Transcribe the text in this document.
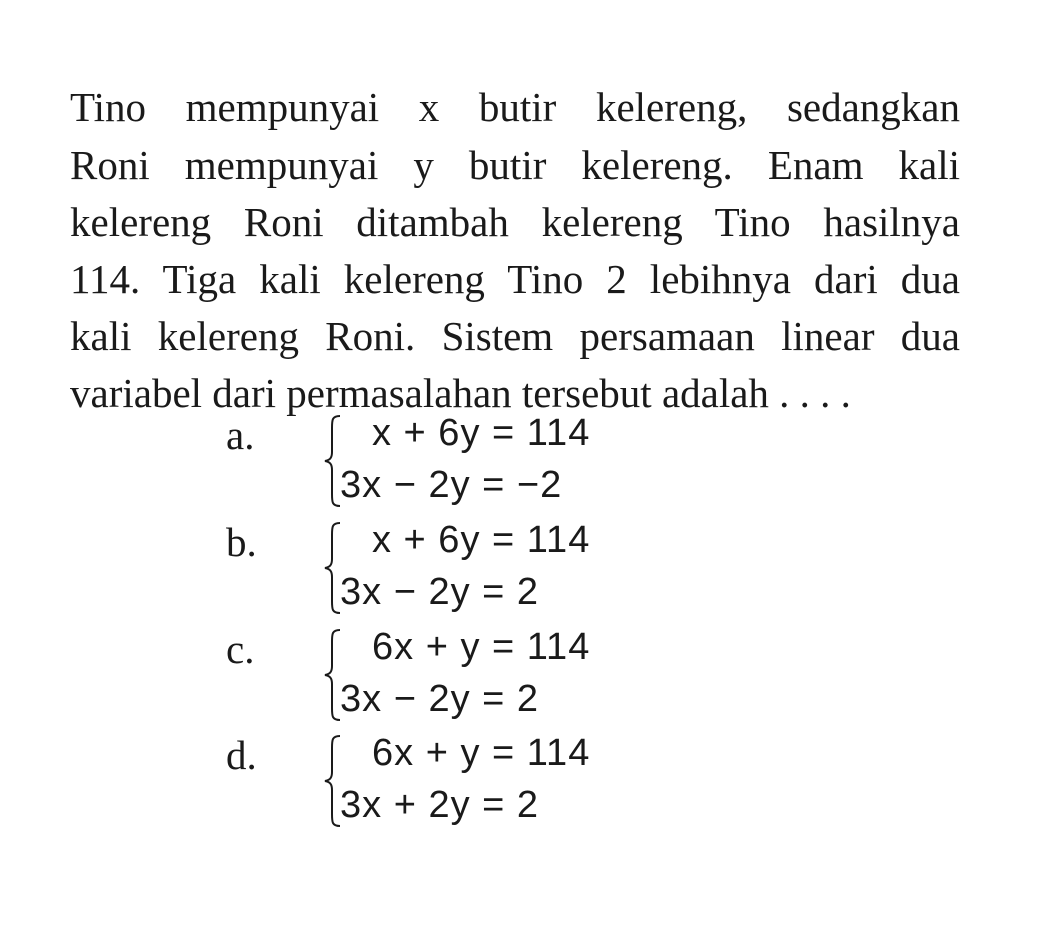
Tino mempunyai x butir kelereng, sedangkan
Roni mempunyai y butir kelereng. Enam kali
kelereng Roni ditambah kelereng Tino hasilnya
114. Tiga kali kelereng Tino 2 lebihnya dari dua
kali kelereng Roni. Sistem persamaan linear dua
variabel dari permasalahan tersebut adalah . . . .
a.	x + 6y = 114
3x − 2y = −2
b.	x + 6y = 114
3x − 2y = 2
c.	6x + y = 114
3x − 2y = 2
d.	6x + y = 114
3x + 2y = 2
